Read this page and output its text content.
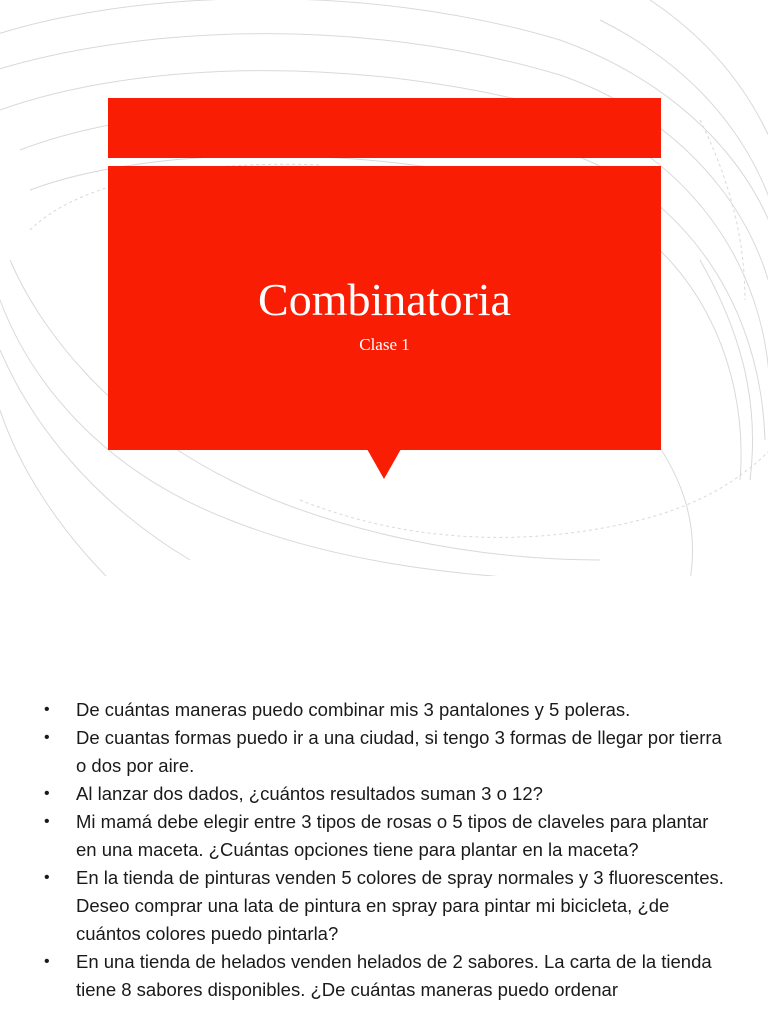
Combinatoria
Clase 1
• De cuántas maneras puedo combinar mis 3 pantalones y 5 poleras.
• De cuantas formas puedo ir a una ciudad, si tengo 3 formas de llegar por tierra o dos por aire.
• Al lanzar dos dados, ¿cuántos resultados suman 3 o 12?
• Mi mamá debe elegir entre 3 tipos de rosas o 5 tipos de claveles para plantar en una maceta. ¿Cuántas opciones tiene para plantar en la maceta?
• En la tienda de pinturas venden 5 colores de spray normales y 3 fluorescentes. Deseo comprar una lata de pintura en spray para pintar mi bicicleta, ¿de cuántos colores puedo pintarla?
• En una tienda de helados venden helados de 2 sabores. La carta de la tienda tiene 8 sabores disponibles. ¿De cuántas maneras puedo ordenar
